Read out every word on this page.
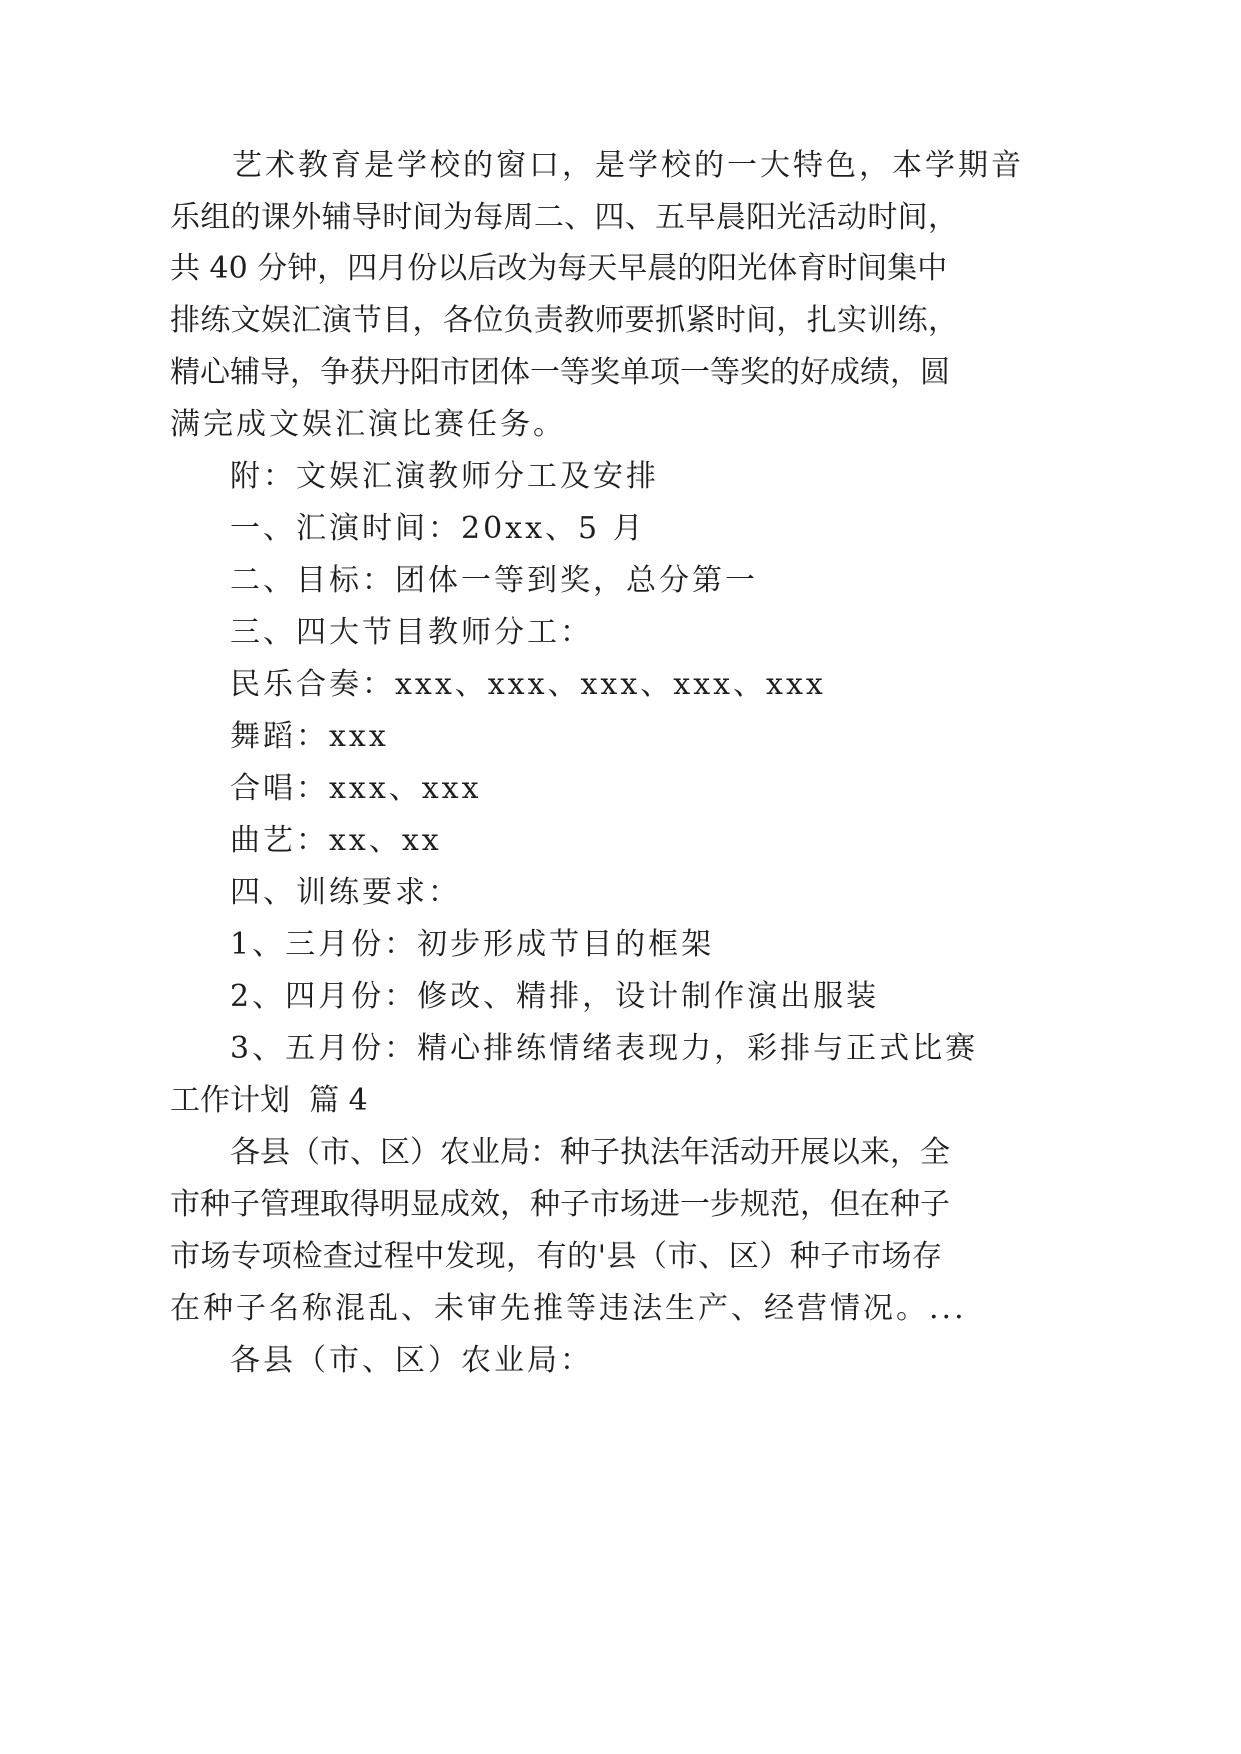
艺术教育是学校的窗口，是学校的一大特色，本学期音
乐组的课外辅导时间为每周二、四、五早晨阳光活动时间，
共 40 分钟，四月份以后改为每天早晨的阳光体育时间集中
排练文娱汇演节目，各位负责教师要抓紧时间，扎实训练，
精心辅导，争获丹阳市团体一等奖单项一等奖的好成绩，圆
满完成文娱汇演比赛任务。
附：文娱汇演教师分工及安排
一、汇演时间：20xx、5 月
二、目标：团体一等到奖，总分第一
三、四大节目教师分工：
民乐合奏：xxx、xxx、xxx、xxx、xxx
舞蹈：xxx
合唱：xxx、xxx
曲艺：xx、xx
四、训练要求：
1、三月份：初步形成节目的框架
2、四月份：修改、精排，设计制作演出服装
3、五月份：精心排练情绪表现力，彩排与正式比赛
工作计划  篇 4
各县（市、区）农业局：种子执法年活动开展以来，全
市种子管理取得明显成效，种子市场进一步规范，但在种子
市场专项检查过程中发现，有的'县（市、区）种子市场存
在种子名称混乱、未审先推等违法生产、经营情况。...
各县（市、区）农业局：
